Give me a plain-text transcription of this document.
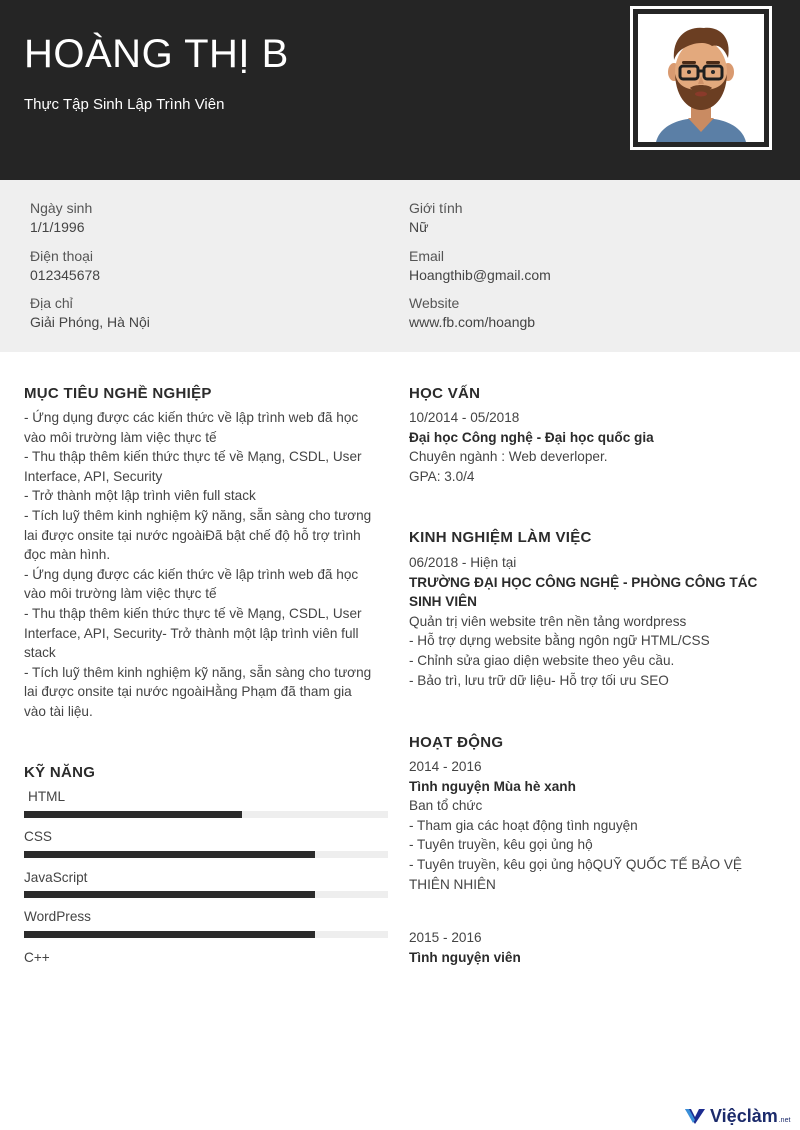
HOÀNG THỊ B
Thực Tập Sinh Lập Trình Viên
Ngày sinh
1/1/1996
Điện thoại
012345678
Địa chỉ
Giải Phóng, Hà Nội
Giới tính
Nữ
Email
Hoangthib@gmail.com
Website
www.fb.com/hoangb
MỤC TIÊU NGHỀ NGHIỆP
- Ứng dụng được các kiến thức về lập trình web đã học
vào môi trường làm việc thực tế
- Thu thập thêm kiến thức thực tế về Mạng, CSDL, User
Interface, API, Security
- Trở thành một lập trình viên full stack
- Tích luỹ thêm kinh nghiệm kỹ năng, sẵn sàng cho tương
lai được onsite tại nước ngoàiĐã bật chế độ hỗ trợ trình
đọc màn hình.
- Ứng dụng được các kiến thức về lập trình web đã học
vào môi trường làm việc thực tế
- Thu thập thêm kiến thức thực tế về Mạng, CSDL, User
Interface, API, Security- Trở thành một lập trình viên full
stack
- Tích luỹ thêm kinh nghiệm kỹ năng, sẵn sàng cho tương
lai được onsite tại nước ngoàiHằng Phạm đã tham gia
vào tài liệu.
KỸ NĂNG
HTML
CSS
JavaScript
WordPress
C++
HỌC VẤN
10/2014 - 05/2018
Đại học Công nghệ - Đại học quốc gia
Chuyên ngành : Web deverloper.
GPA: 3.0/4
KINH NGHIỆM LÀM VIỆC
06/2018 - Hiện tại
TRƯỜNG ĐẠI HỌC CÔNG NGHỆ - PHÒNG CÔNG TÁC
SINH VIÊN
Quản trị viên website trên nền tảng wordpress
- Hỗ trợ dựng website bằng ngôn ngữ HTML/CSS
- Chỉnh sửa giao diện website theo yêu cầu.
- Bảo trì, lưu trữ dữ liệu- Hỗ trợ tối ưu SEO
HOẠT ĐỘNG
2014 - 2016
Tình nguyện Mùa hè xanh
Ban tổ chức
- Tham gia các hoạt động tình nguyện
- Tuyên truyền, kêu gọi ủng hộ
- Tuyên truyền, kêu gọi ủng hộQUỸ QUỐC TẾ BẢO VỆ
THIÊN NHIÊN
2015 - 2016
Tình nguyện viên
Việclàm .net
